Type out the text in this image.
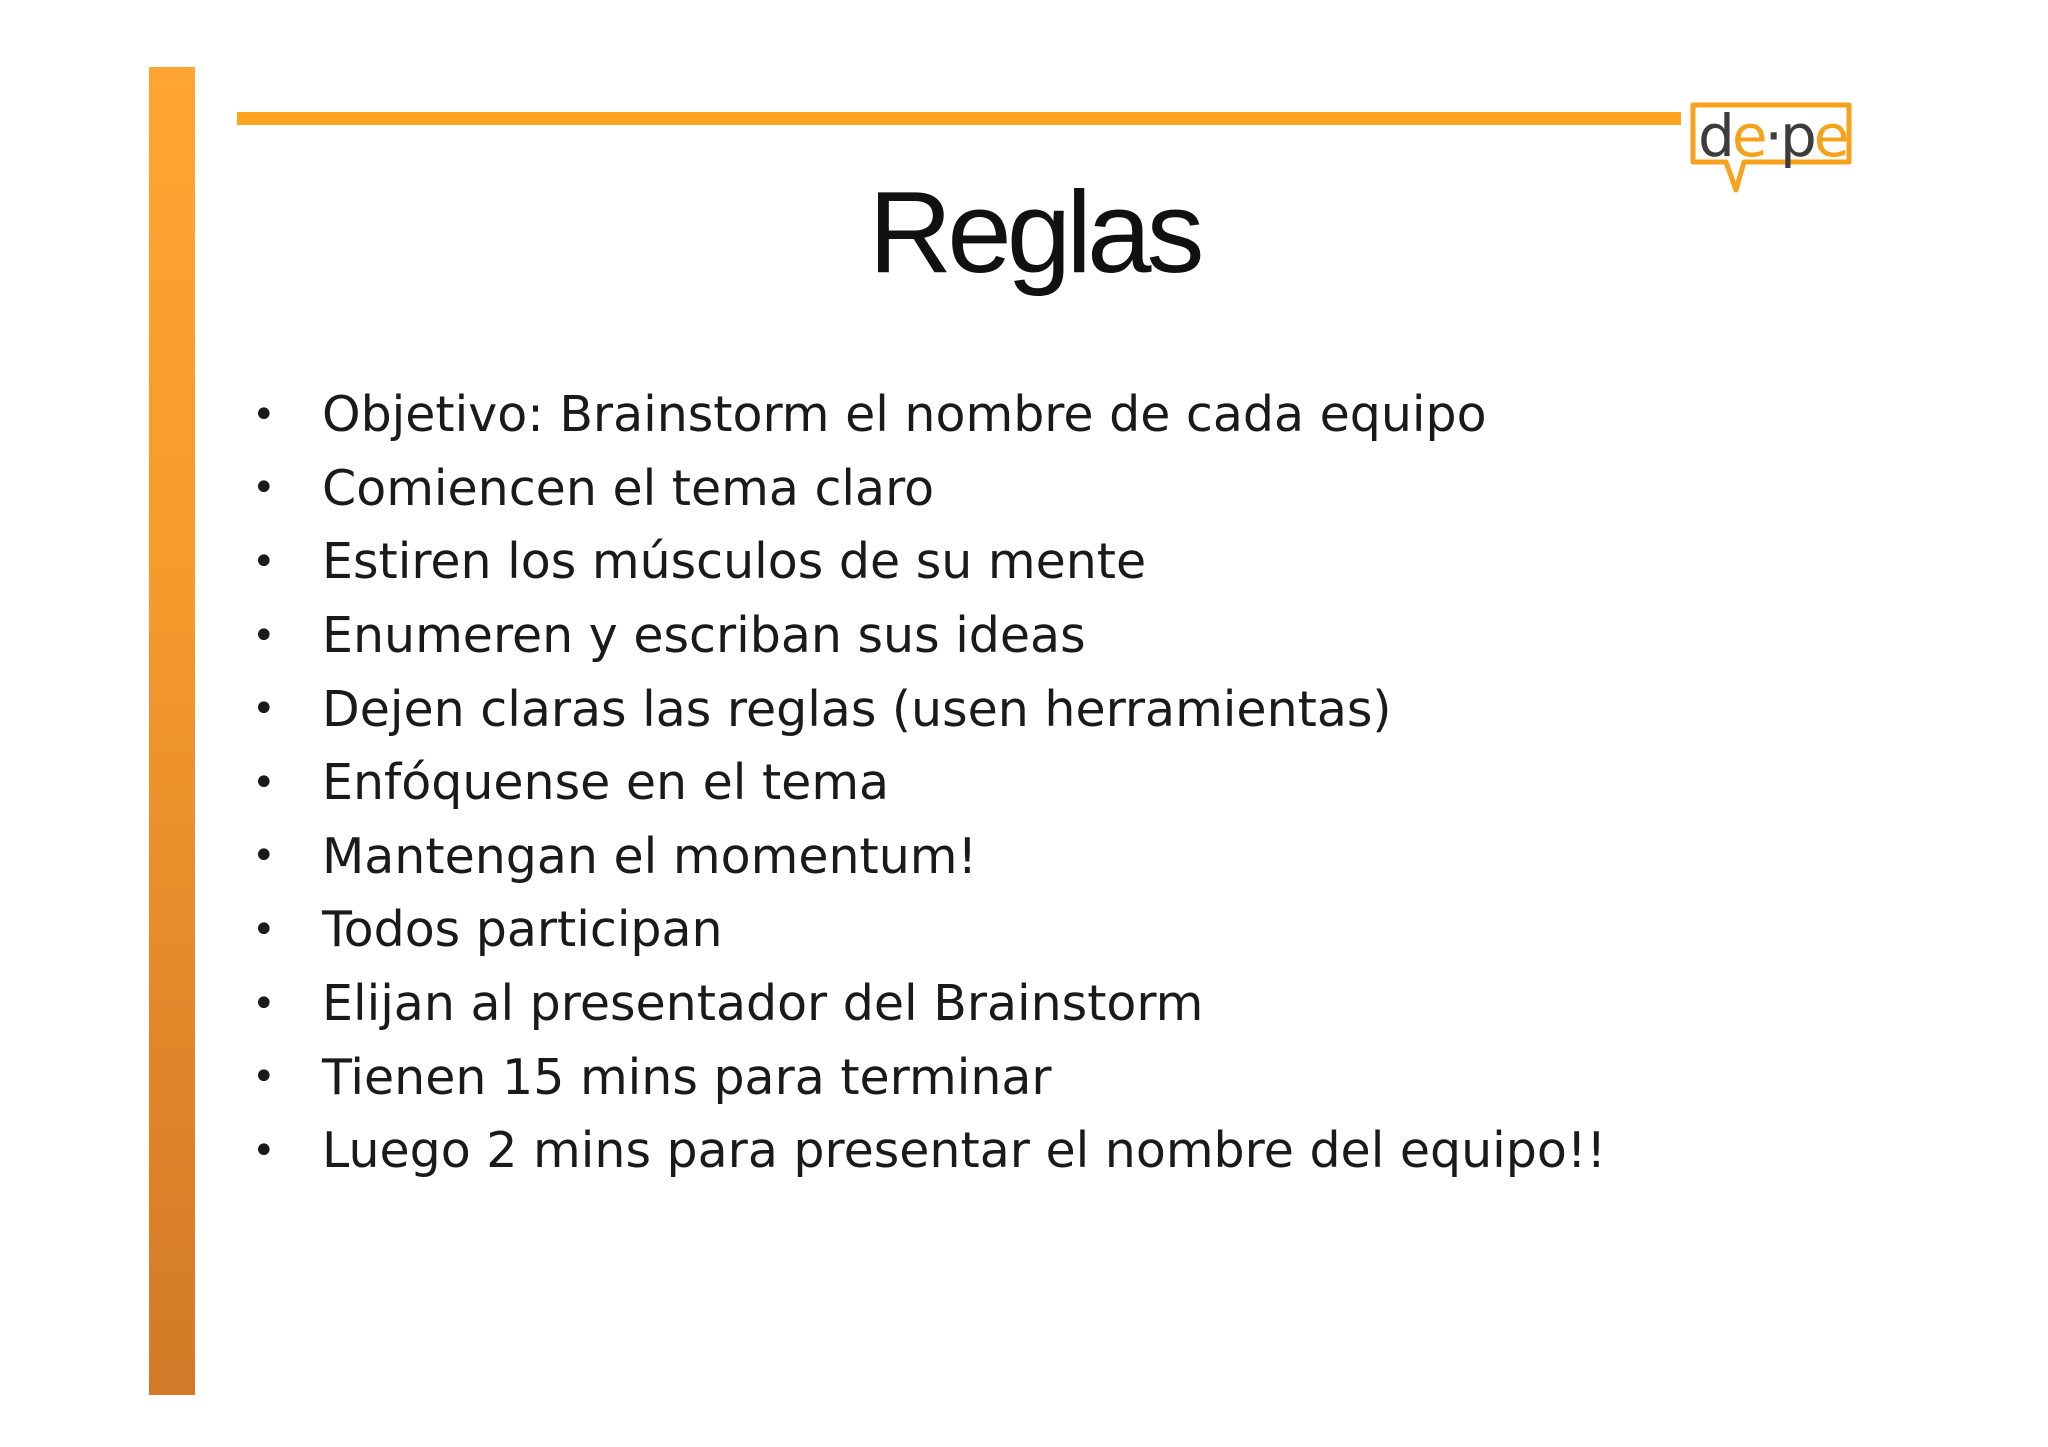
de·pe
Reglas
• Objetivo: Brainstorm el nombre de cada equipo
• Comiencen el tema claro
• Estiren los músculos de su mente
• Enumeren y escriban sus ideas
• Dejen claras las reglas (usen herramientas)
• Enfóquense en el tema
• Mantengan el momentum!
• Todos participan
• Elijan al presentador del Brainstorm
• Tienen 15 mins para terminar
• Luego 2 mins para presentar el nombre del equipo!!
